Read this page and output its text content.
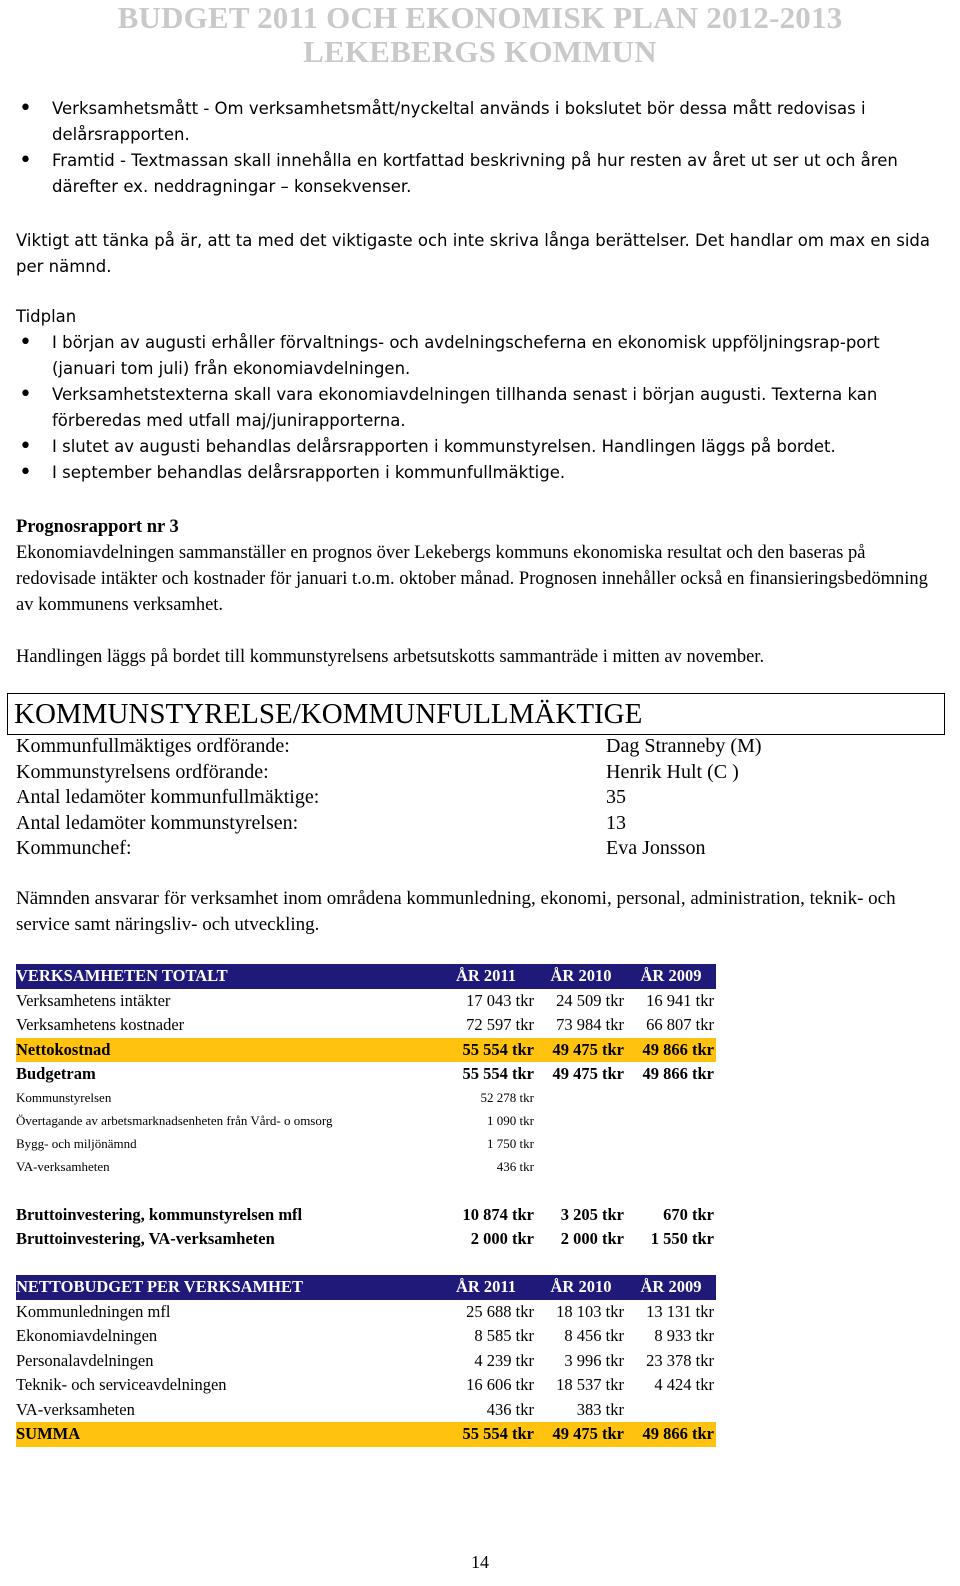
BUDGET 2011 OCH EKONOMISK PLAN 2012-2013
LEKEBERGS KOMMUN
• Verksamhetsmått - Om verksamhetsmått/nyckeltal används i bokslutet bör dessa mått redovisas i delårsrapporten.
• Framtid - Textmassan skall innehålla en kortfattad beskrivning på hur resten av året ut ser ut och åren därefter ex. neddragningar – konsekvenser.
Viktigt att tänka på är, att ta med det viktigaste och inte skriva långa berättelser. Det handlar om max en sida per nämnd.
Tidplan
• I början av augusti erhåller förvaltnings- och avdelningscheferna en ekonomisk uppföljningsrap-port (januari tom juli) från ekonomiavdelningen.
• Verksamhetstexterna skall vara ekonomiavdelningen tillhanda senast i början augusti. Texterna kan förberedas med utfall maj/junirapporterna.
• I slutet av augusti behandlas delårsrapporten i kommunstyrelsen. Handlingen läggs på bordet.
• I september behandlas delårsrapporten i kommunfullmäktige.
Prognosrapport nr 3
Ekonomiavdelningen sammanställer en prognos över Lekebergs kommuns ekonomiska resultat och den baseras på redovisade intäkter och kostnader för januari t.o.m. oktober månad. Prognosen innehåller också en finansieringsbedömning av kommunens verksamhet.
Handlingen läggs på bordet till kommunstyrelsens arbetsutskotts sammanträde i mitten av november.
KOMMUNSTYRELSE/KOMMUNFULLMÄKTIGE
Kommunfullmäktiges ordförande:	Dag Stranneby (M)
Kommunstyrelsens ordförande:	Henrik Hult (C )
Antal ledamöter kommunfullmäktige:	35
Antal ledamöter kommunstyrelsen:	13
Kommunchef:	Eva Jonsson
Nämnden ansvarar för verksamhet inom områdena kommunledning, ekonomi, personal, administration, teknik- och service samt näringsliv- och utveckling.
VERKSAMHETEN TOTALT	ÅR 2011	ÅR 2010	ÅR 2009
Verksamhetens intäkter	17 043 tkr	24 509 tkr	16 941 tkr
Verksamhetens kostnader	72 597 tkr	73 984 tkr	66 807 tkr
Nettokostnad	55 554 tkr	49 475 tkr	49 866 tkr
Budgetram	55 554 tkr	49 475 tkr	49 866 tkr
Kommunstyrelsen	52 278 tkr		
Övertagande av arbetsmarknadsenheten från Vård- o omsorg	1 090 tkr		
Bygg- och miljönämnd	1 750 tkr		
VA-verksamheten	436 tkr		

Bruttoinvestering, kommunstyrelsen mfl	10 874 tkr	3 205 tkr	670 tkr
Bruttoinvestering, VA-verksamheten	2 000 tkr	2 000 tkr	1 550 tkr
NETTOBUDGET PER VERKSAMHET	ÅR 2011	ÅR 2010	ÅR 2009
Kommunledningen mfl	25 688 tkr	18 103 tkr	13 131 tkr
Ekonomiavdelningen	8 585 tkr	8 456 tkr	8 933 tkr
Personalavdelningen	4 239 tkr	3 996 tkr	23 378 tkr
Teknik- och serviceavdelningen	16 606 tkr	18 537 tkr	4 424 tkr
VA-verksamheten	436 tkr	383 tkr	
SUMMA	55 554 tkr	49 475 tkr	49 866 tkr
14
